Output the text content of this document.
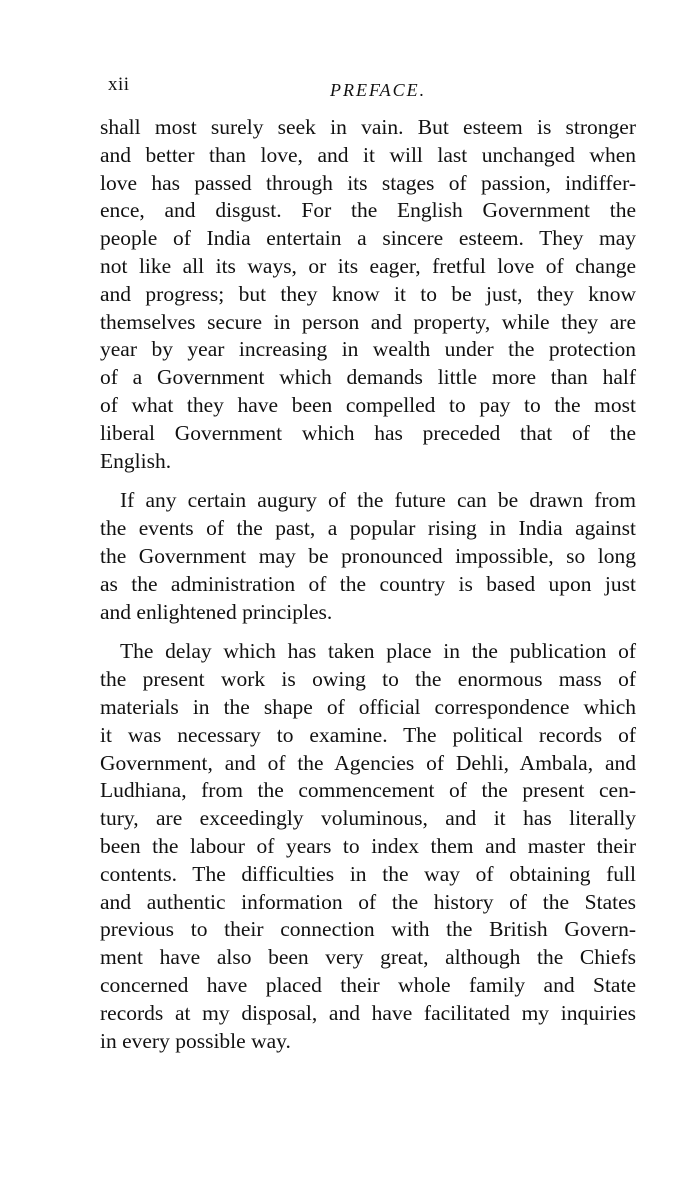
xii	PREFACE.
shall most surely seek in vain. But esteem is stronger
and better than love, and it will last unchanged when
love has passed through its stages of passion, indiffer-
ence, and disgust. For the English Government the
people of India entertain a sincere esteem. They may
not like all its ways, or its eager, fretful love of change
and progress; but they know it to be just, they know
themselves secure in person and property, while they are
year by year increasing in wealth under the protection
of a Government which demands little more than half
of what they have been compelled to pay to the most
liberal Government which has preceded that of the
English.
If any certain augury of the future can be drawn from
the events of the past, a popular rising in India against
the Government may be pronounced impossible, so long
as the administration of the country is based upon just
and enlightened principles.
The delay which has taken place in the publication of
the present work is owing to the enormous mass of
materials in the shape of official correspondence which
it was necessary to examine. The political records of
Government, and of the Agencies of Dehli, Ambala, and
Ludhiana, from the commencement of the present cen-
tury, are exceedingly voluminous, and it has literally
been the labour of years to index them and master their
contents. The difficulties in the way of obtaining full
and authentic information of the history of the States
previous to their connection with the British Govern-
ment have also been very great, although the Chiefs
concerned have placed their whole family and State
records at my disposal, and have facilitated my inquiries
in every possible way.
